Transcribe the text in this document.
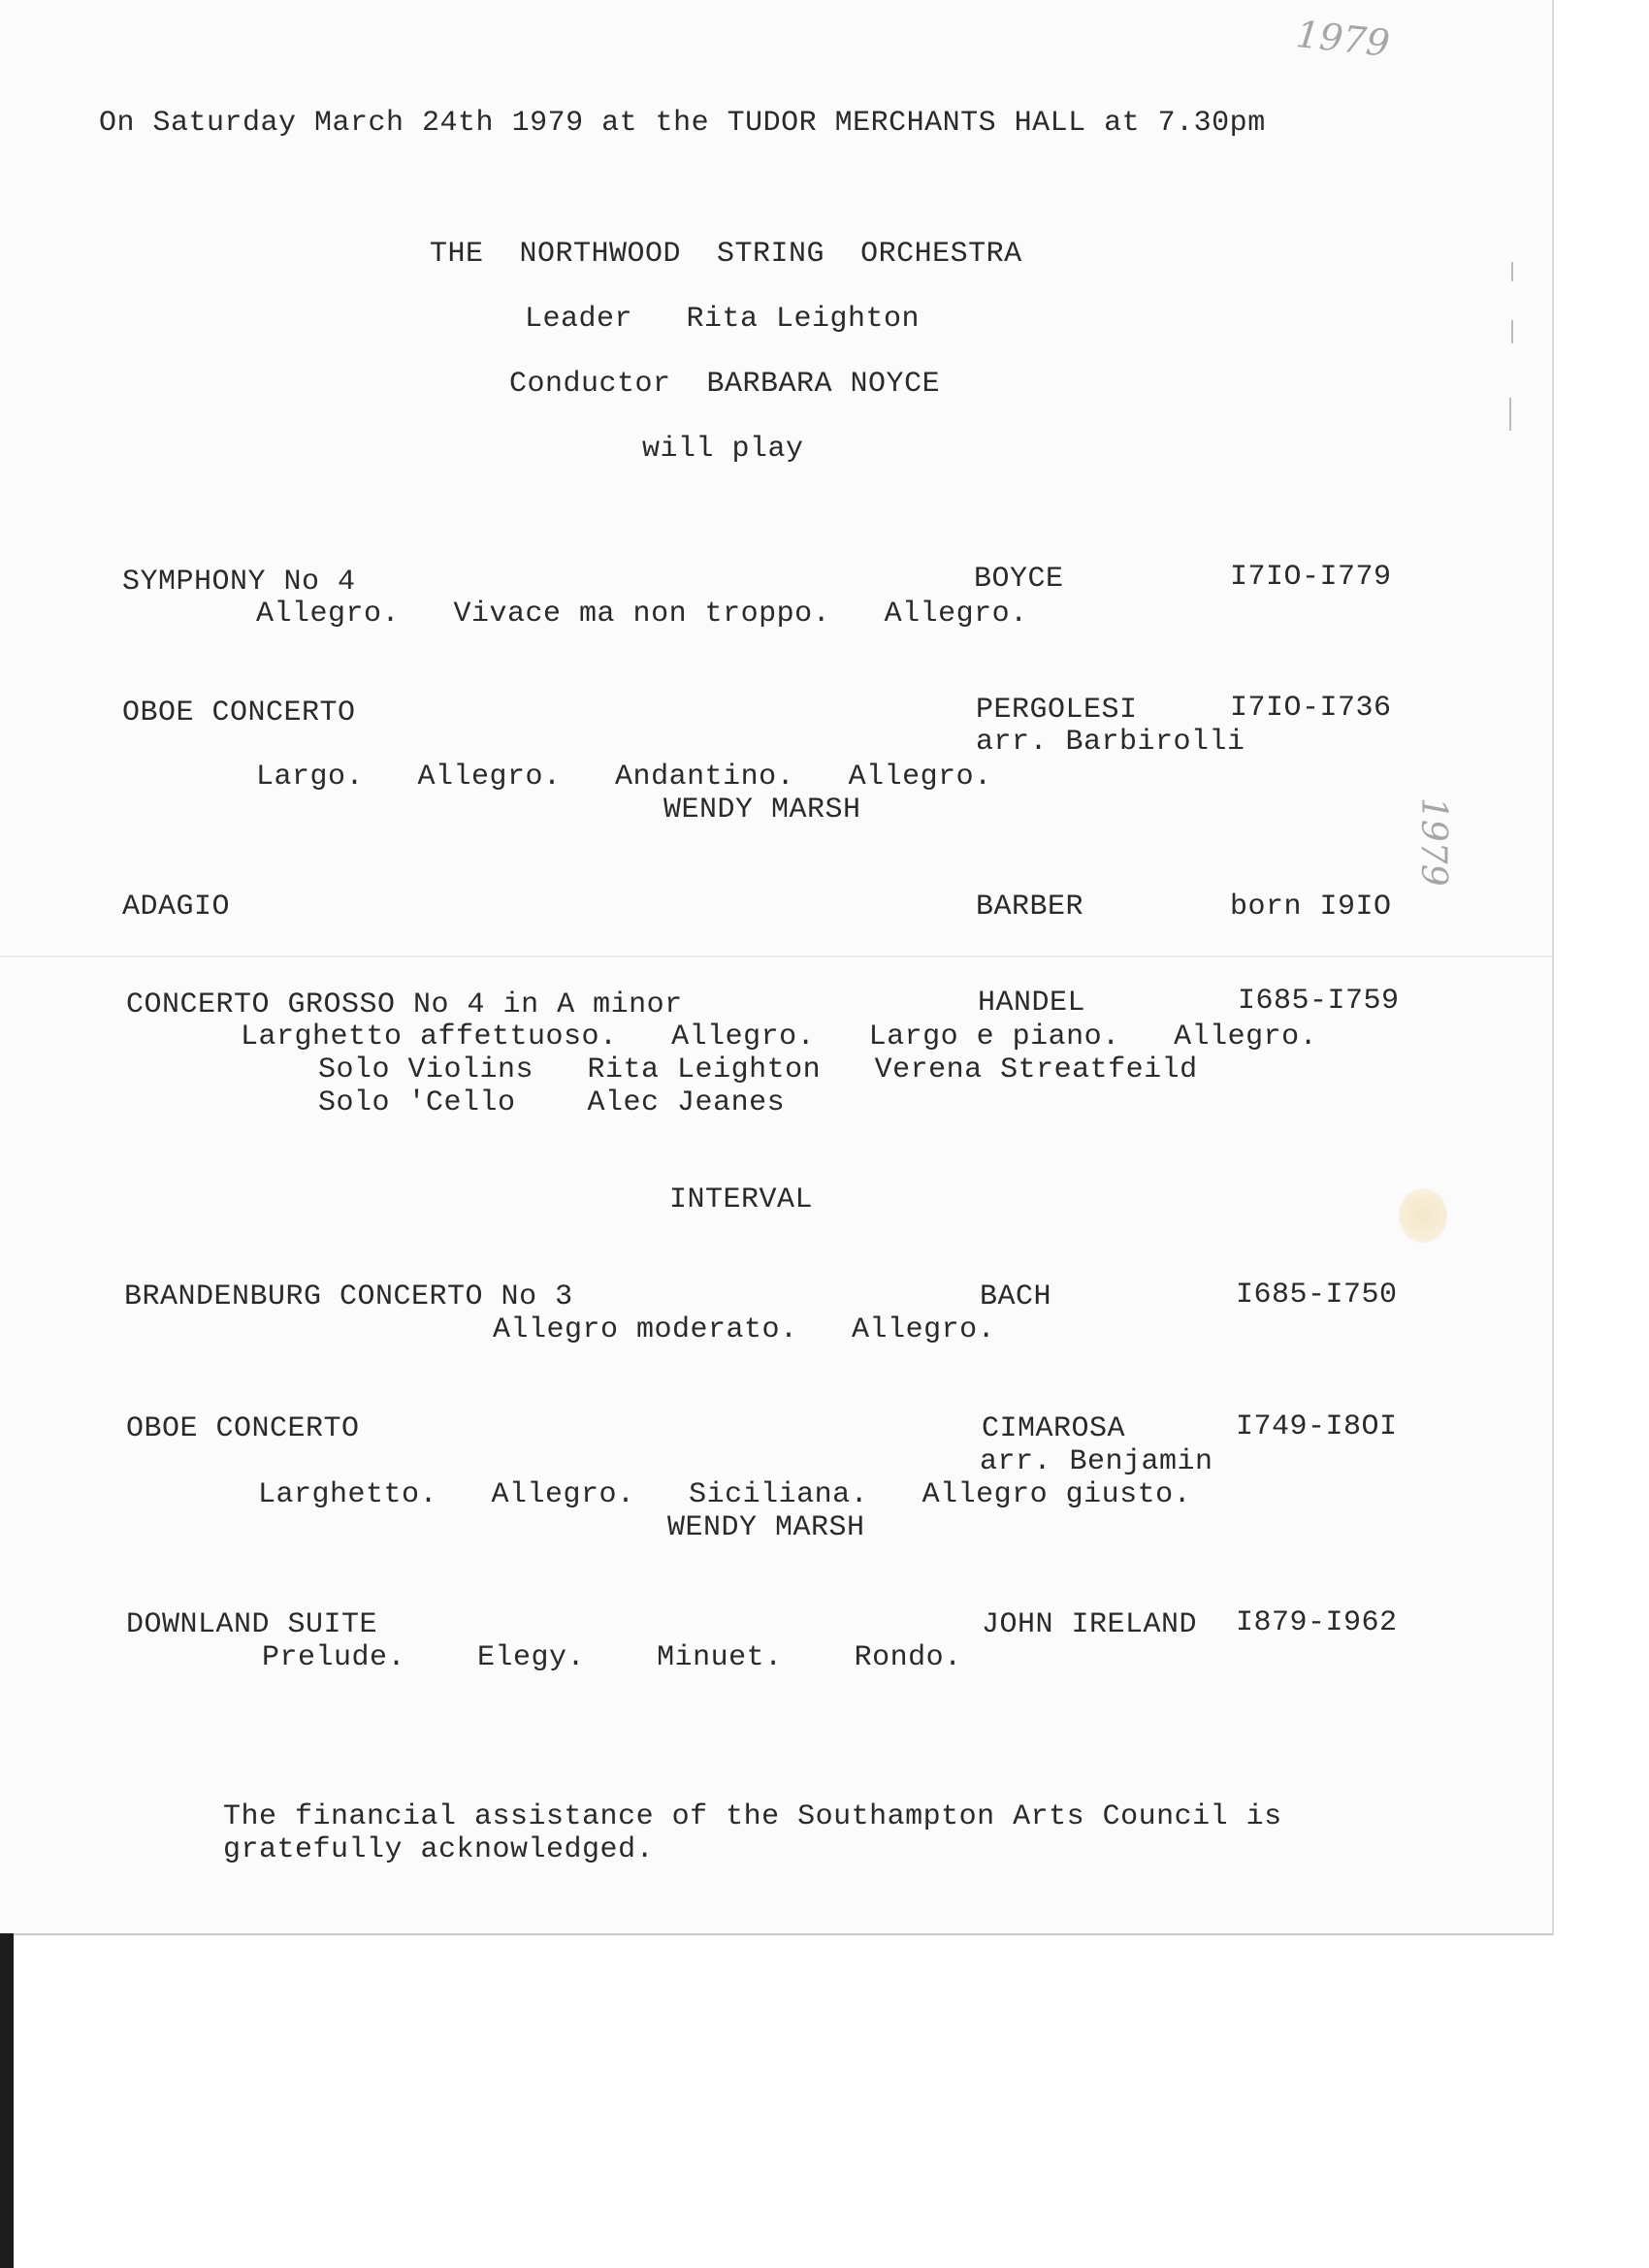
1979
1979
On Saturday March 24th 1979 at the TUDOR MERCHANTS HALL at 7.30pm
THE  NORTHWOOD  STRING  ORCHESTRA
Leader   Rita Leighton
Conductor  BARBARA NOYCE
will play
SYMPHONY No 4	BOYCE	I7IO-I779
Allegro.   Vivace ma non troppo.   Allegro.
OBOE CONCERTO	PERGOLESI	I7IO-I736
arr. Barbirolli
Largo.   Allegro.   Andantino.   Allegro.
WENDY MARSH
ADAGIO	BARBER	born I9IO
CONCERTO GROSSO No 4 in A minor	HANDEL	I685-I759
Larghetto affettuoso.   Allegro.   Largo e piano.   Allegro.
Solo Violins   Rita Leighton   Verena Streatfeild
Solo 'Cello    Alec Jeanes
INTERVAL
BRANDENBURG CONCERTO No 3	BACH	I685-I750
Allegro moderato.   Allegro.
OBOE CONCERTO	CIMAROSA	I749-I8OI
arr. Benjamin
Larghetto.   Allegro.   Siciliana.   Allegro giusto.
WENDY MARSH
DOWNLAND SUITE	JOHN IRELAND I879-I962
Prelude.    Elegy.    Minuet.    Rondo.
The financial assistance of the Southampton Arts Council is
gratefully acknowledged.
